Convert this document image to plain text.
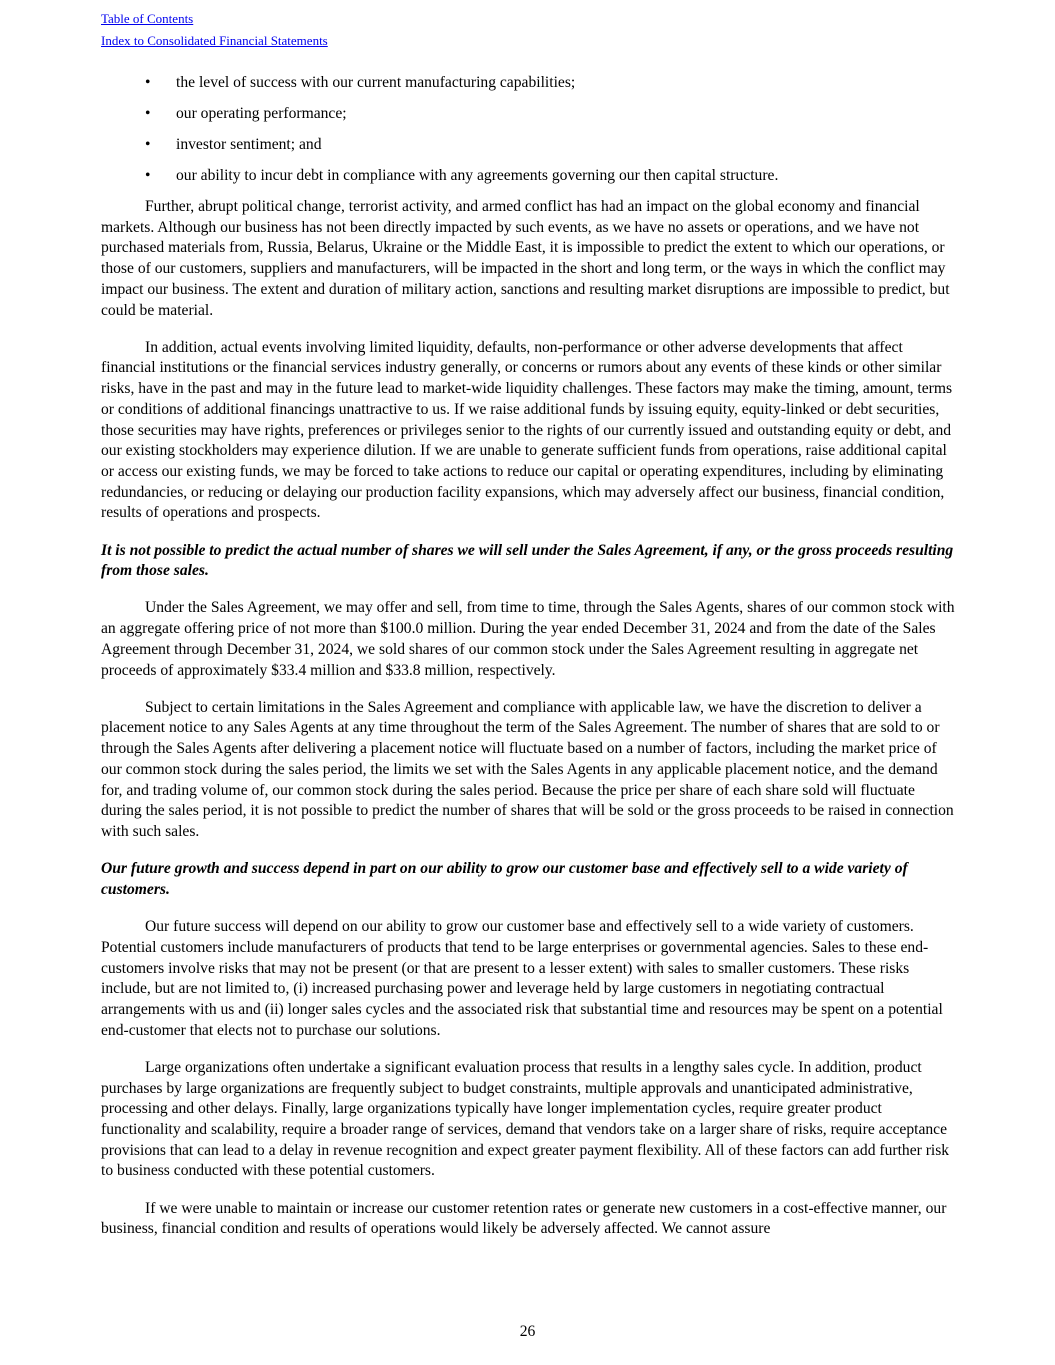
Table of Contents
Index to Consolidated Financial Statements
• the level of success with our current manufacturing capabilities;
• our operating performance;
• investor sentiment; and
• our ability to incur debt in compliance with any agreements governing our then capital structure.

Further, abrupt political change, terrorist activity, and armed conflict has had an impact on the global economy and financial markets. Although our business has not been directly impacted by such events, as we have no assets or operations, and we have not purchased materials from, Russia, Belarus, Ukraine or the Middle East, it is impossible to predict the extent to which our operations, or those of our customers, suppliers and manufacturers, will be impacted in the short and long term, or the ways in which the conflict may impact our business. The extent and duration of military action, sanctions and resulting market disruptions are impossible to predict, but could be material.

In addition, actual events involving limited liquidity, defaults, non-performance or other adverse developments that affect financial institutions or the financial services industry generally, or concerns or rumors about any events of these kinds or other similar risks, have in the past and may in the future lead to market-wide liquidity challenges. These factors may make the timing, amount, terms or conditions of additional financings unattractive to us. If we raise additional funds by issuing equity, equity-linked or debt securities, those securities may have rights, preferences or privileges senior to the rights of our currently issued and outstanding equity or debt, and our existing stockholders may experience dilution. If we are unable to generate sufficient funds from operations, raise additional capital or access our existing funds, we may be forced to take actions to reduce our capital or operating expenditures, including by eliminating redundancies, or reducing or delaying our production facility expansions, which may adversely affect our business, financial condition, results of operations and prospects.

It is not possible to predict the actual number of shares we will sell under the Sales Agreement, if any, or the gross proceeds resulting from those sales.

Under the Sales Agreement, we may offer and sell, from time to time, through the Sales Agents, shares of our common stock with an aggregate offering price of not more than $100.0 million. During the year ended December 31, 2024 and from the date of the Sales Agreement through December 31, 2024, we sold shares of our common stock under the Sales Agreement resulting in aggregate net proceeds of approximately $33.4 million and $33.8 million, respectively.

Subject to certain limitations in the Sales Agreement and compliance with applicable law, we have the discretion to deliver a placement notice to any Sales Agents at any time throughout the term of the Sales Agreement. The number of shares that are sold to or through the Sales Agents after delivering a placement notice will fluctuate based on a number of factors, including the market price of our common stock during the sales period, the limits we set with the Sales Agents in any applicable placement notice, and the demand for, and trading volume of, our common stock during the sales period. Because the price per share of each share sold will fluctuate during the sales period, it is not possible to predict the number of shares that will be sold or the gross proceeds to be raised in connection with such sales.

Our future growth and success depend in part on our ability to grow our customer base and effectively sell to a wide variety of customers.

Our future success will depend on our ability to grow our customer base and effectively sell to a wide variety of customers. Potential customers include manufacturers of products that tend to be large enterprises or governmental agencies. Sales to these end-customers involve risks that may not be present (or that are present to a lesser extent) with sales to smaller customers. These risks include, but are not limited to, (i) increased purchasing power and leverage held by large customers in negotiating contractual arrangements with us and (ii) longer sales cycles and the associated risk that substantial time and resources may be spent on a potential end-customer that elects not to purchase our solutions.

Large organizations often undertake a significant evaluation process that results in a lengthy sales cycle. In addition, product purchases by large organizations are frequently subject to budget constraints, multiple approvals and unanticipated administrative, processing and other delays. Finally, large organizations typically have longer implementation cycles, require greater product functionality and scalability, require a broader range of services, demand that vendors take on a larger share of risks, require acceptance provisions that can lead to a delay in revenue recognition and expect greater payment flexibility. All of these factors can add further risk to business conducted with these potential customers.

If we were unable to maintain or increase our customer retention rates or generate new customers in a cost-effective manner, our business, financial condition and results of operations would likely be adversely affected. We cannot assure

26
